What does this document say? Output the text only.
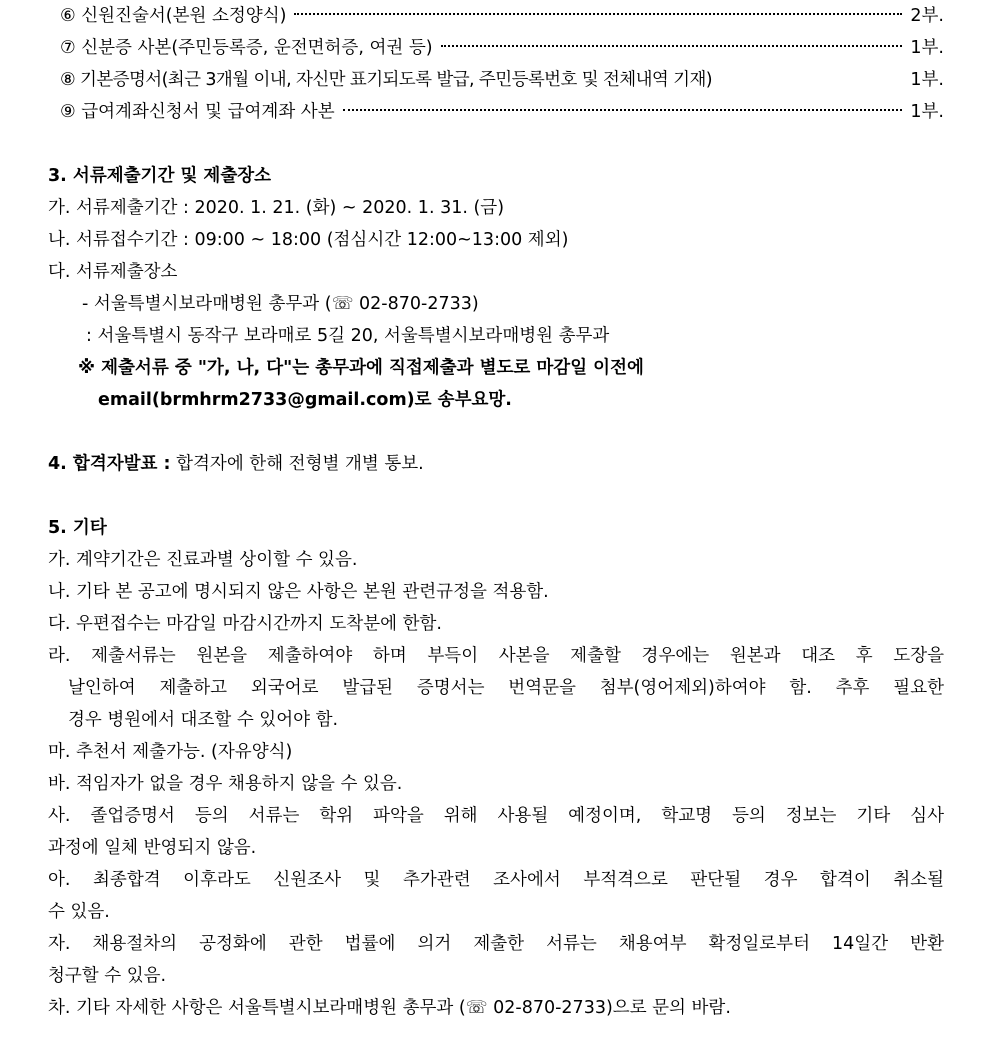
⑥ 신원진술서(본원 소정양식)	2부.
⑦ 신분증 사본(주민등록증, 운전면허증, 여권 등)	1부.
⑧ 기본증명서(최근 3개월 이내, 자신만 표기되도록 발급, 주민등록번호 및 전체내역 기재)	1부.
⑨ 급여계좌신청서 및 급여계좌 사본	1부.
3. 서류제출기간 및 제출장소
가. 서류제출기간 : 2020. 1. 21. (화) ~ 2020. 1. 31. (금)
나. 서류접수기간 : 09:00 ~ 18:00 (점심시간 12:00~13:00 제외)
다. 서류제출장소
- 서울특별시보라매병원 총무과 (☏ 02-870-2733)
: 서울특별시 동작구 보라매로 5길 20, 서울특별시보라매병원 총무과
※ 제출서류 중 "가, 나, 다"는 총무과에 직접제출과 별도로 마감일 이전에
email(brmhrm2733@gmail.com)로 송부요망.
4. 합격자발표 : 합격자에 한해 전형별 개별 통보.
5. 기타
가. 계약기간은 진료과별 상이할 수 있음.
나. 기타 본 공고에 명시되지 않은 사항은 본원 관련규정을 적용함.
다. 우편접수는 마감일 마감시간까지 도착분에 한함.
라. 제출서류는 원본을 제출하여야 하며 부득이 사본을 제출할 경우에는 원본과 대조 후 도장을
날인하여 제출하고 외국어로 발급된 증명서는 번역문을 첨부(영어제외)하여야 함. 추후 필요한
경우 병원에서 대조할 수 있어야 함.
마. 추천서 제출가능. (자유양식)
바. 적임자가 없을 경우 채용하지 않을 수 있음.
사. 졸업증명서 등의 서류는 학위 파악을 위해 사용될 예정이며, 학교명 등의 정보는 기타 심사
과정에 일체 반영되지 않음.
아. 최종합격 이후라도 신원조사 및 추가관련 조사에서 부적격으로 판단될 경우 합격이 취소될
수 있음.
자. 채용절차의 공정화에 관한 법률에 의거 제출한 서류는 채용여부 확정일로부터 14일간 반환
청구할 수 있음.
차. 기타 자세한 사항은 서울특별시보라매병원 총무과 (☏ 02-870-2733)으로 문의 바람.
